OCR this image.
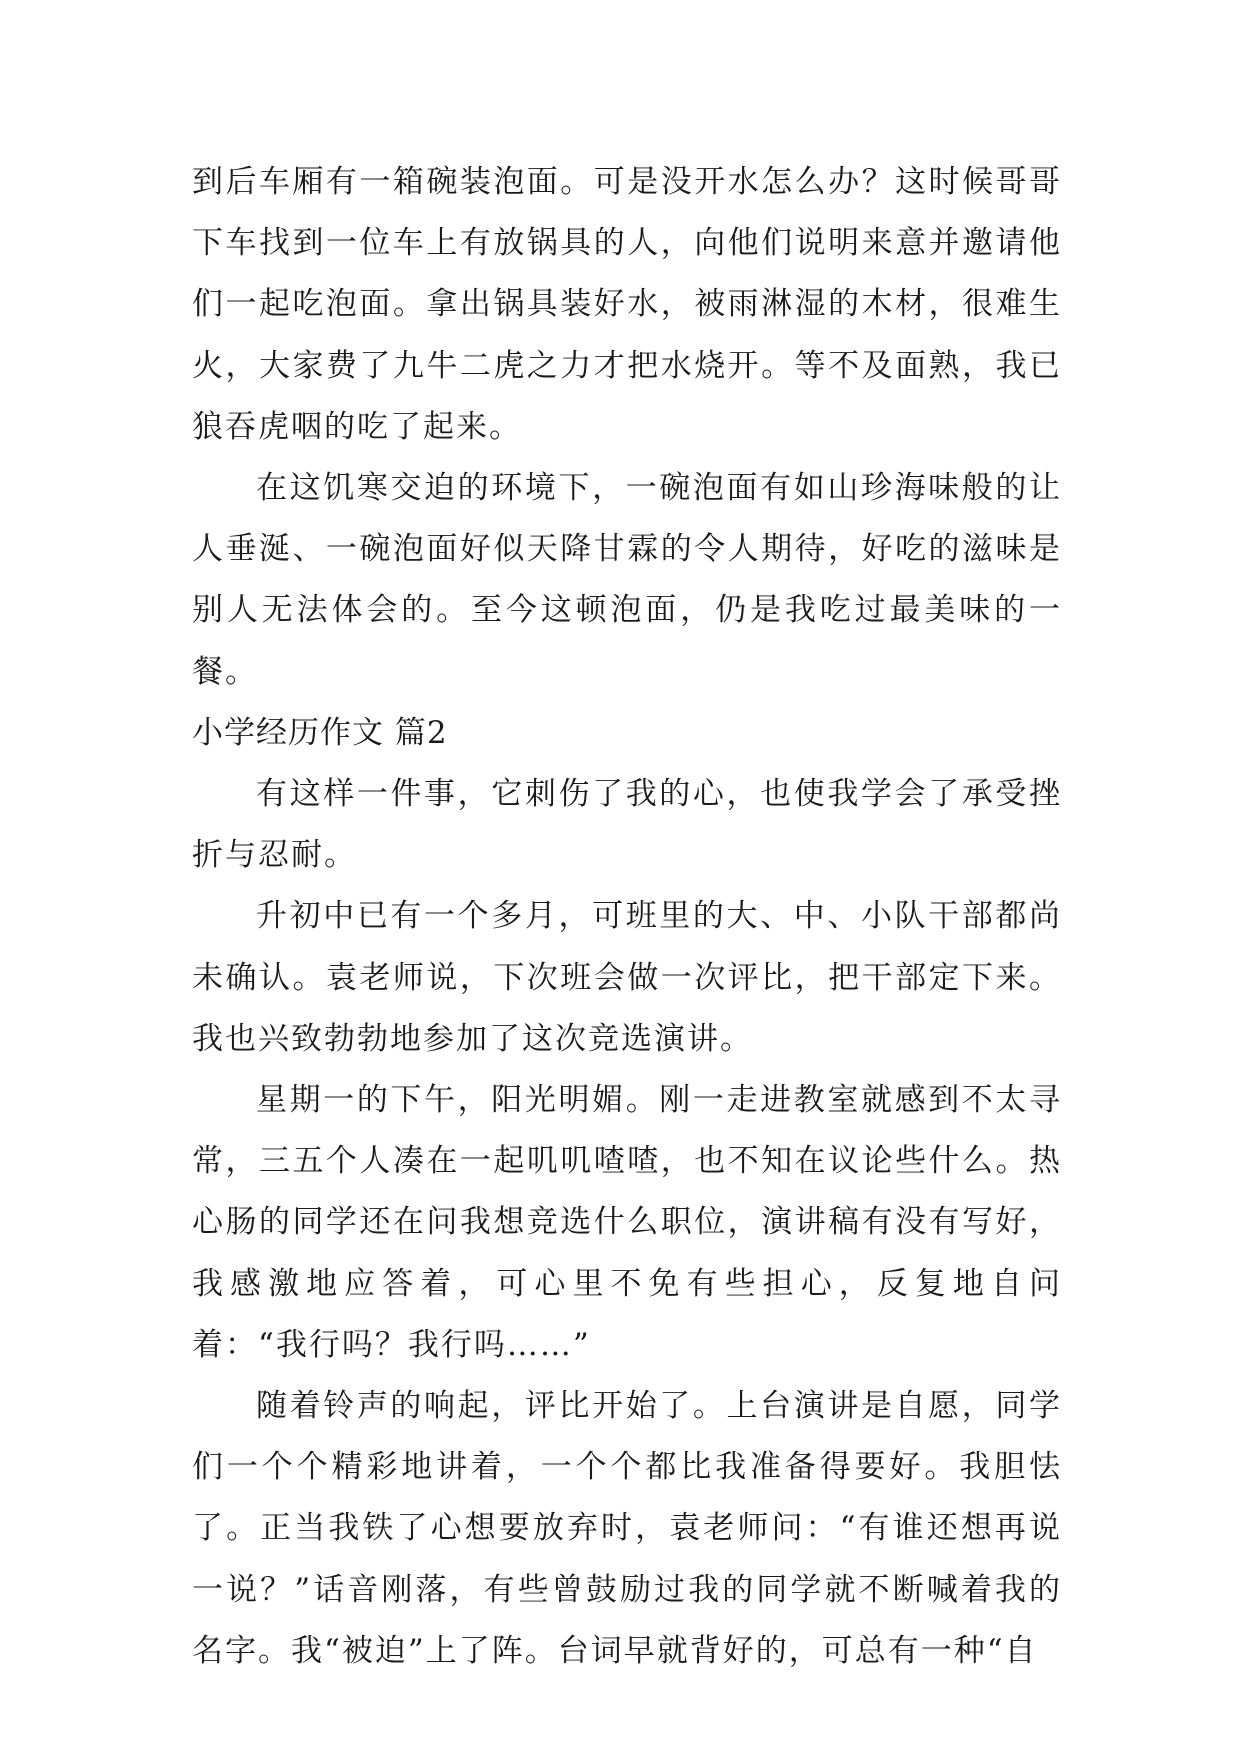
到后车厢有一箱碗装泡面。可是没开水怎么办？这时候哥哥下车找到一位车上有放锅具的人，向他们说明来意并邀请他们一起吃泡面。拿出锅具装好水，被雨淋湿的木材，很难生火，大家费了九牛二虎之力才把水烧开。等不及面熟，我已狼吞虎咽的吃了起来。

在这饥寒交迫的环境下，一碗泡面有如山珍海味般的让人垂涎、一碗泡面好似天降甘霖的令人期待，好吃的滋味是别人无法体会的。至今这顿泡面，仍是我吃过最美味的一餐。

小学经历作文 篇2

有这样一件事，它刺伤了我的心，也使我学会了承受挫折与忍耐。

升初中已有一个多月，可班里的大、中、小队干部都尚未确认。袁老师说，下次班会做一次评比，把干部定下来。我也兴致勃勃地参加了这次竞选演讲。

星期一的下午，阳光明媚。刚一走进教室就感到不太寻常，三五个人凑在一起叽叽喳喳，也不知在议论些什么。热心肠的同学还在问我想竞选什么职位，演讲稿有没有写好，我感激地应答着，可心里不免有些担心，反复地自问着：“我行吗？我行吗……”

随着铃声的响起，评比开始了。上台演讲是自愿，同学们一个个精彩地讲着，一个个都比我准备得要好。我胆怯了。正当我铁了心想要放弃时，袁老师问：“有谁还想再说一说？”话音刚落，有些曾鼓励过我的同学就不断喊着我的名字。我“被迫”上了阵。台词早就背好的，可总有一种“自
